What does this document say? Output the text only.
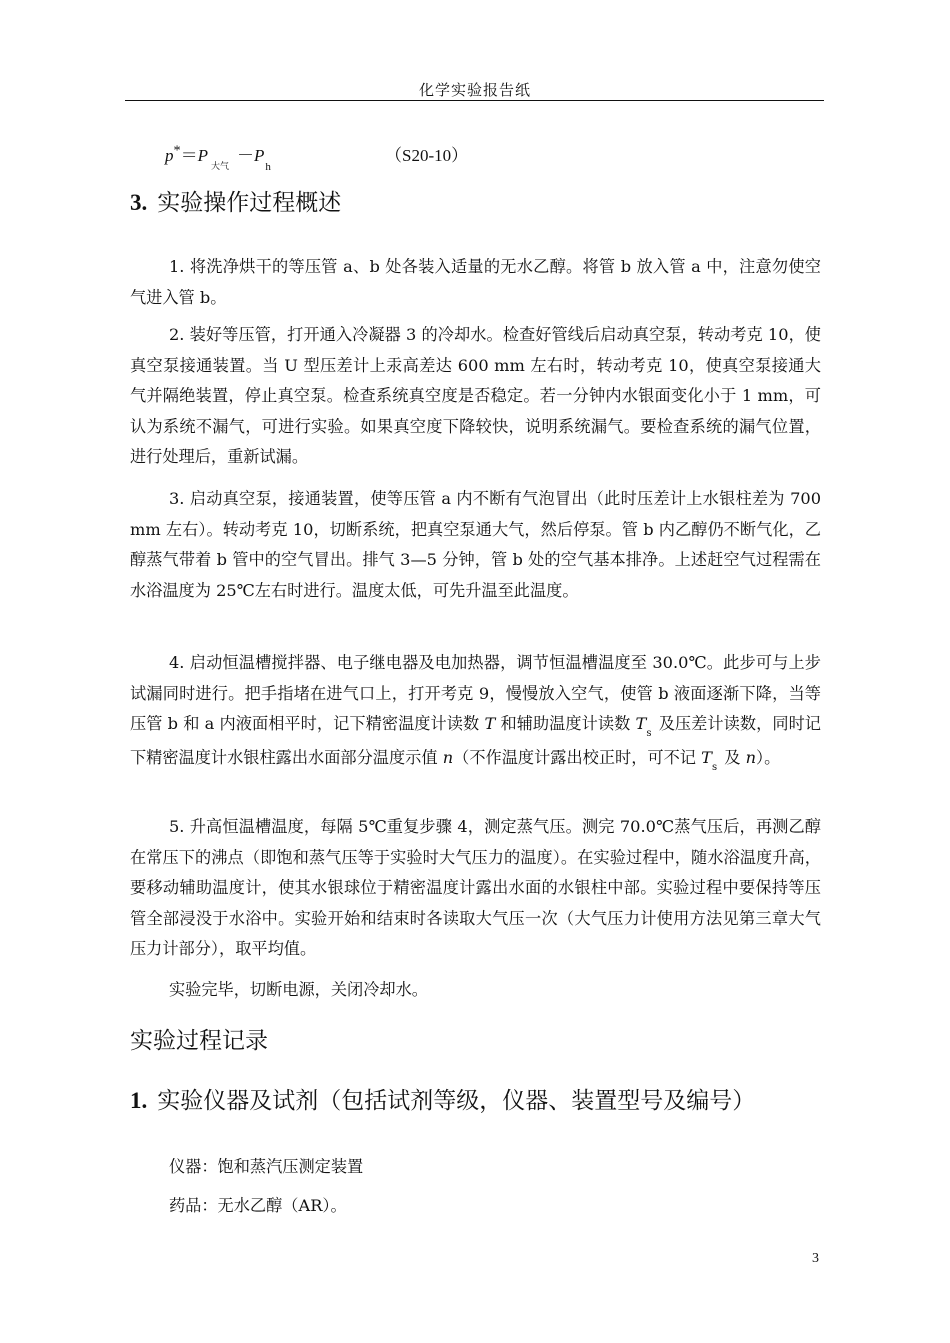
化学实验报告纸
$p^*=P_{大气}-P_h$
（S20-10）
3. 实验操作过程概述
1. 将洗净烘干的等压管 a、b 处各装入适量的无水乙醇。将管 b 放入管 a 中，注意勿使空气进入管 b。
2. 装好等压管，打开通入冷凝器 3 的冷却水。检查好管线后启动真空泵，转动考克 10，使真空泵接通装置。当 U 型压差计上汞高差达 600 mm 左右时，转动考克 10，使真空泵接通大气并隔绝装置，停止真空泵。检查系统真空度是否稳定。若一分钟内水银面变化小于 1 mm，可认为系统不漏气，可进行实验。如果真空度下降较快，说明系统漏气。要检查系统的漏气位置，进行处理后，重新试漏。
3. 启动真空泵，接通装置，使等压管 a 内不断有气泡冒出（此时压差计上水银柱差为 700 mm 左右）。转动考克 10，切断系统，把真空泵通大气，然后停泵。管 b 内乙醇仍不断气化，乙醇蒸气带着 b 管中的空气冒出。排气 3—5 分钟，管 b 处的空气基本排净。上述赶空气过程需在水浴温度为 25℃左右时进行。温度太低，可先升温至此温度。
4. 启动恒温槽搅拌器、电子继电器及电加热器，调节恒温槽温度至 30.0℃。此步可与上步试漏同时进行。把手指堵在进气口上，打开考克 9，慢慢放入空气，使管 b 液面逐渐下降，当等压管 b 和 a 内液面相平时，记下精密温度计读数 T 和辅助温度计读数 $T_s$ 及压差计读数，同时记下精密温度计水银柱露出水面部分温度示值 n（不作温度计露出校正时，可不记 $T_s$ 及 n）。
5. 升高恒温槽温度，每隔 5℃重复步骤 4，测定蒸气压。测完 70.0℃蒸气压后，再测乙醇在常压下的沸点（即饱和蒸气压等于实验时大气压力的温度）。在实验过程中，随水浴温度升高，要移动辅助温度计，使其水银球位于精密温度计露出水面的水银柱中部。实验过程中要保持等压管全部浸没于水浴中。实验开始和结束时各读取大气压一次（大气压力计使用方法见第三章大气压力计部分），取平均值。
实验完毕，切断电源，关闭冷却水。
实验过程记录
1. 实验仪器及试剂（包括试剂等级，仪器、装置型号及编号）
仪器：饱和蒸汽压测定装置
药品：无水乙醇（AR）。
3
